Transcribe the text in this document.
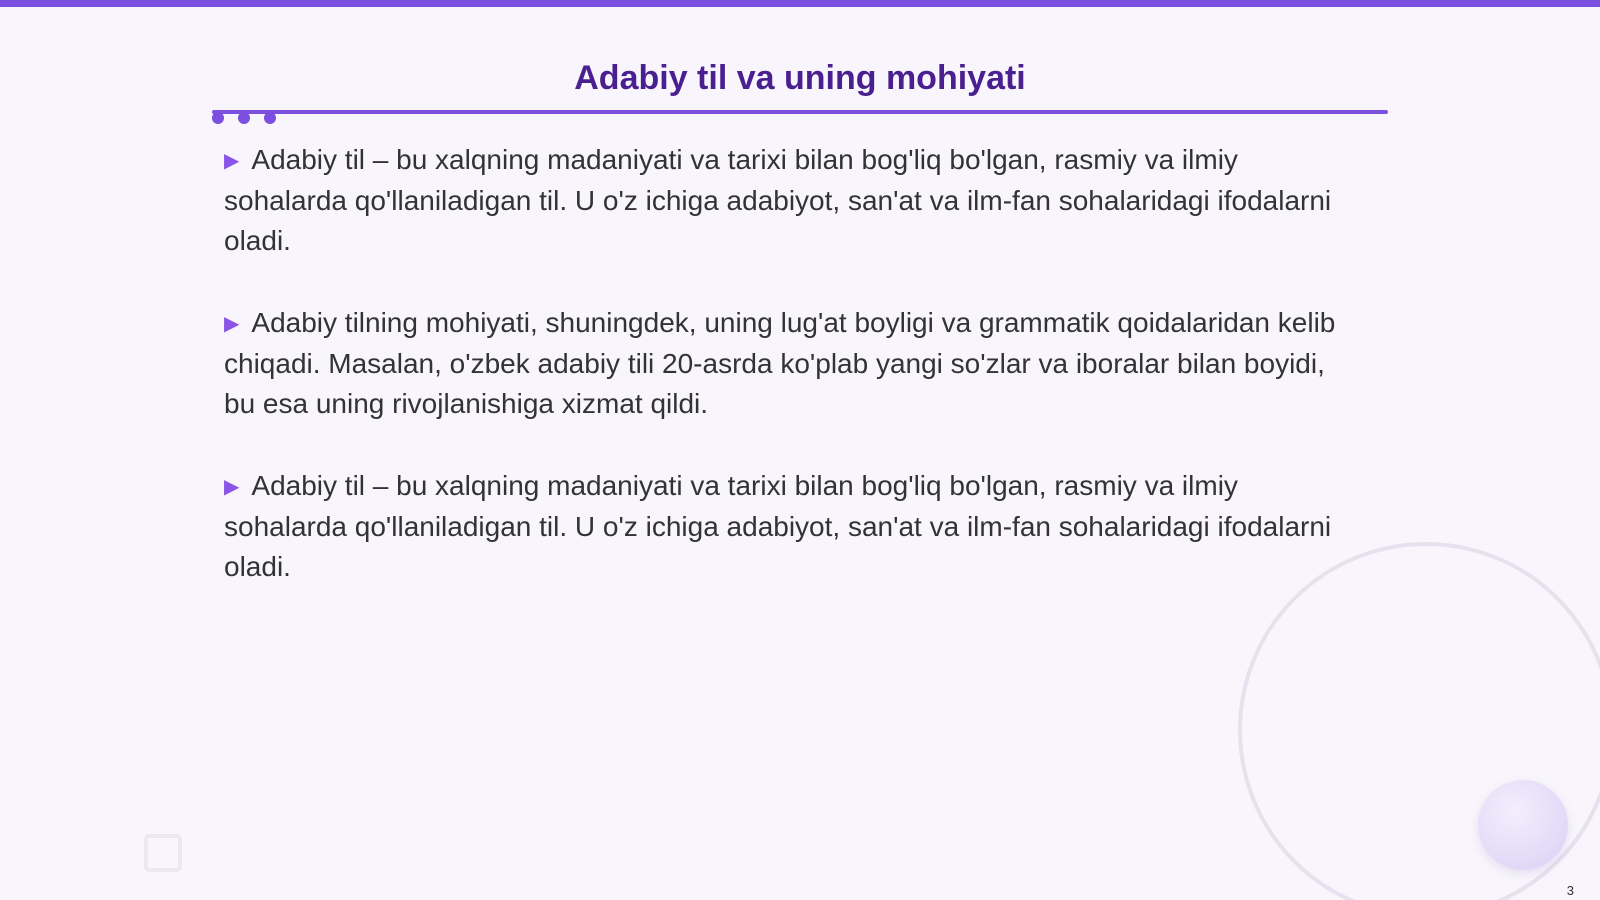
Adabiy til va uning mohiyati

▶ Adabiy til – bu xalqning madaniyati va tarixi bilan bog'liq bo'lgan, rasmiy va ilmiy sohalarda qo'llaniladigan til. U o'z ichiga adabiyot, san'at va ilm-fan sohalaridagi ifodalarni oladi.

▶ Adabiy tilning mohiyati, shuningdek, uning lug'at boyligi va grammatik qoidalaridan kelib chiqadi. Masalan, o'zbek adabiy tili 20-asrda ko'plab yangi so'zlar va iboralar bilan boyidi, bu esa uning rivojlanishiga xizmat qildi.

▶ Adabiy til – bu xalqning madaniyati va tarixi bilan bog'liq bo'lgan, rasmiy va ilmiy sohalarda qo'llaniladigan til. U o'z ichiga adabiyot, san'at va ilm-fan sohalaridagi ifodalarni oladi.

3
